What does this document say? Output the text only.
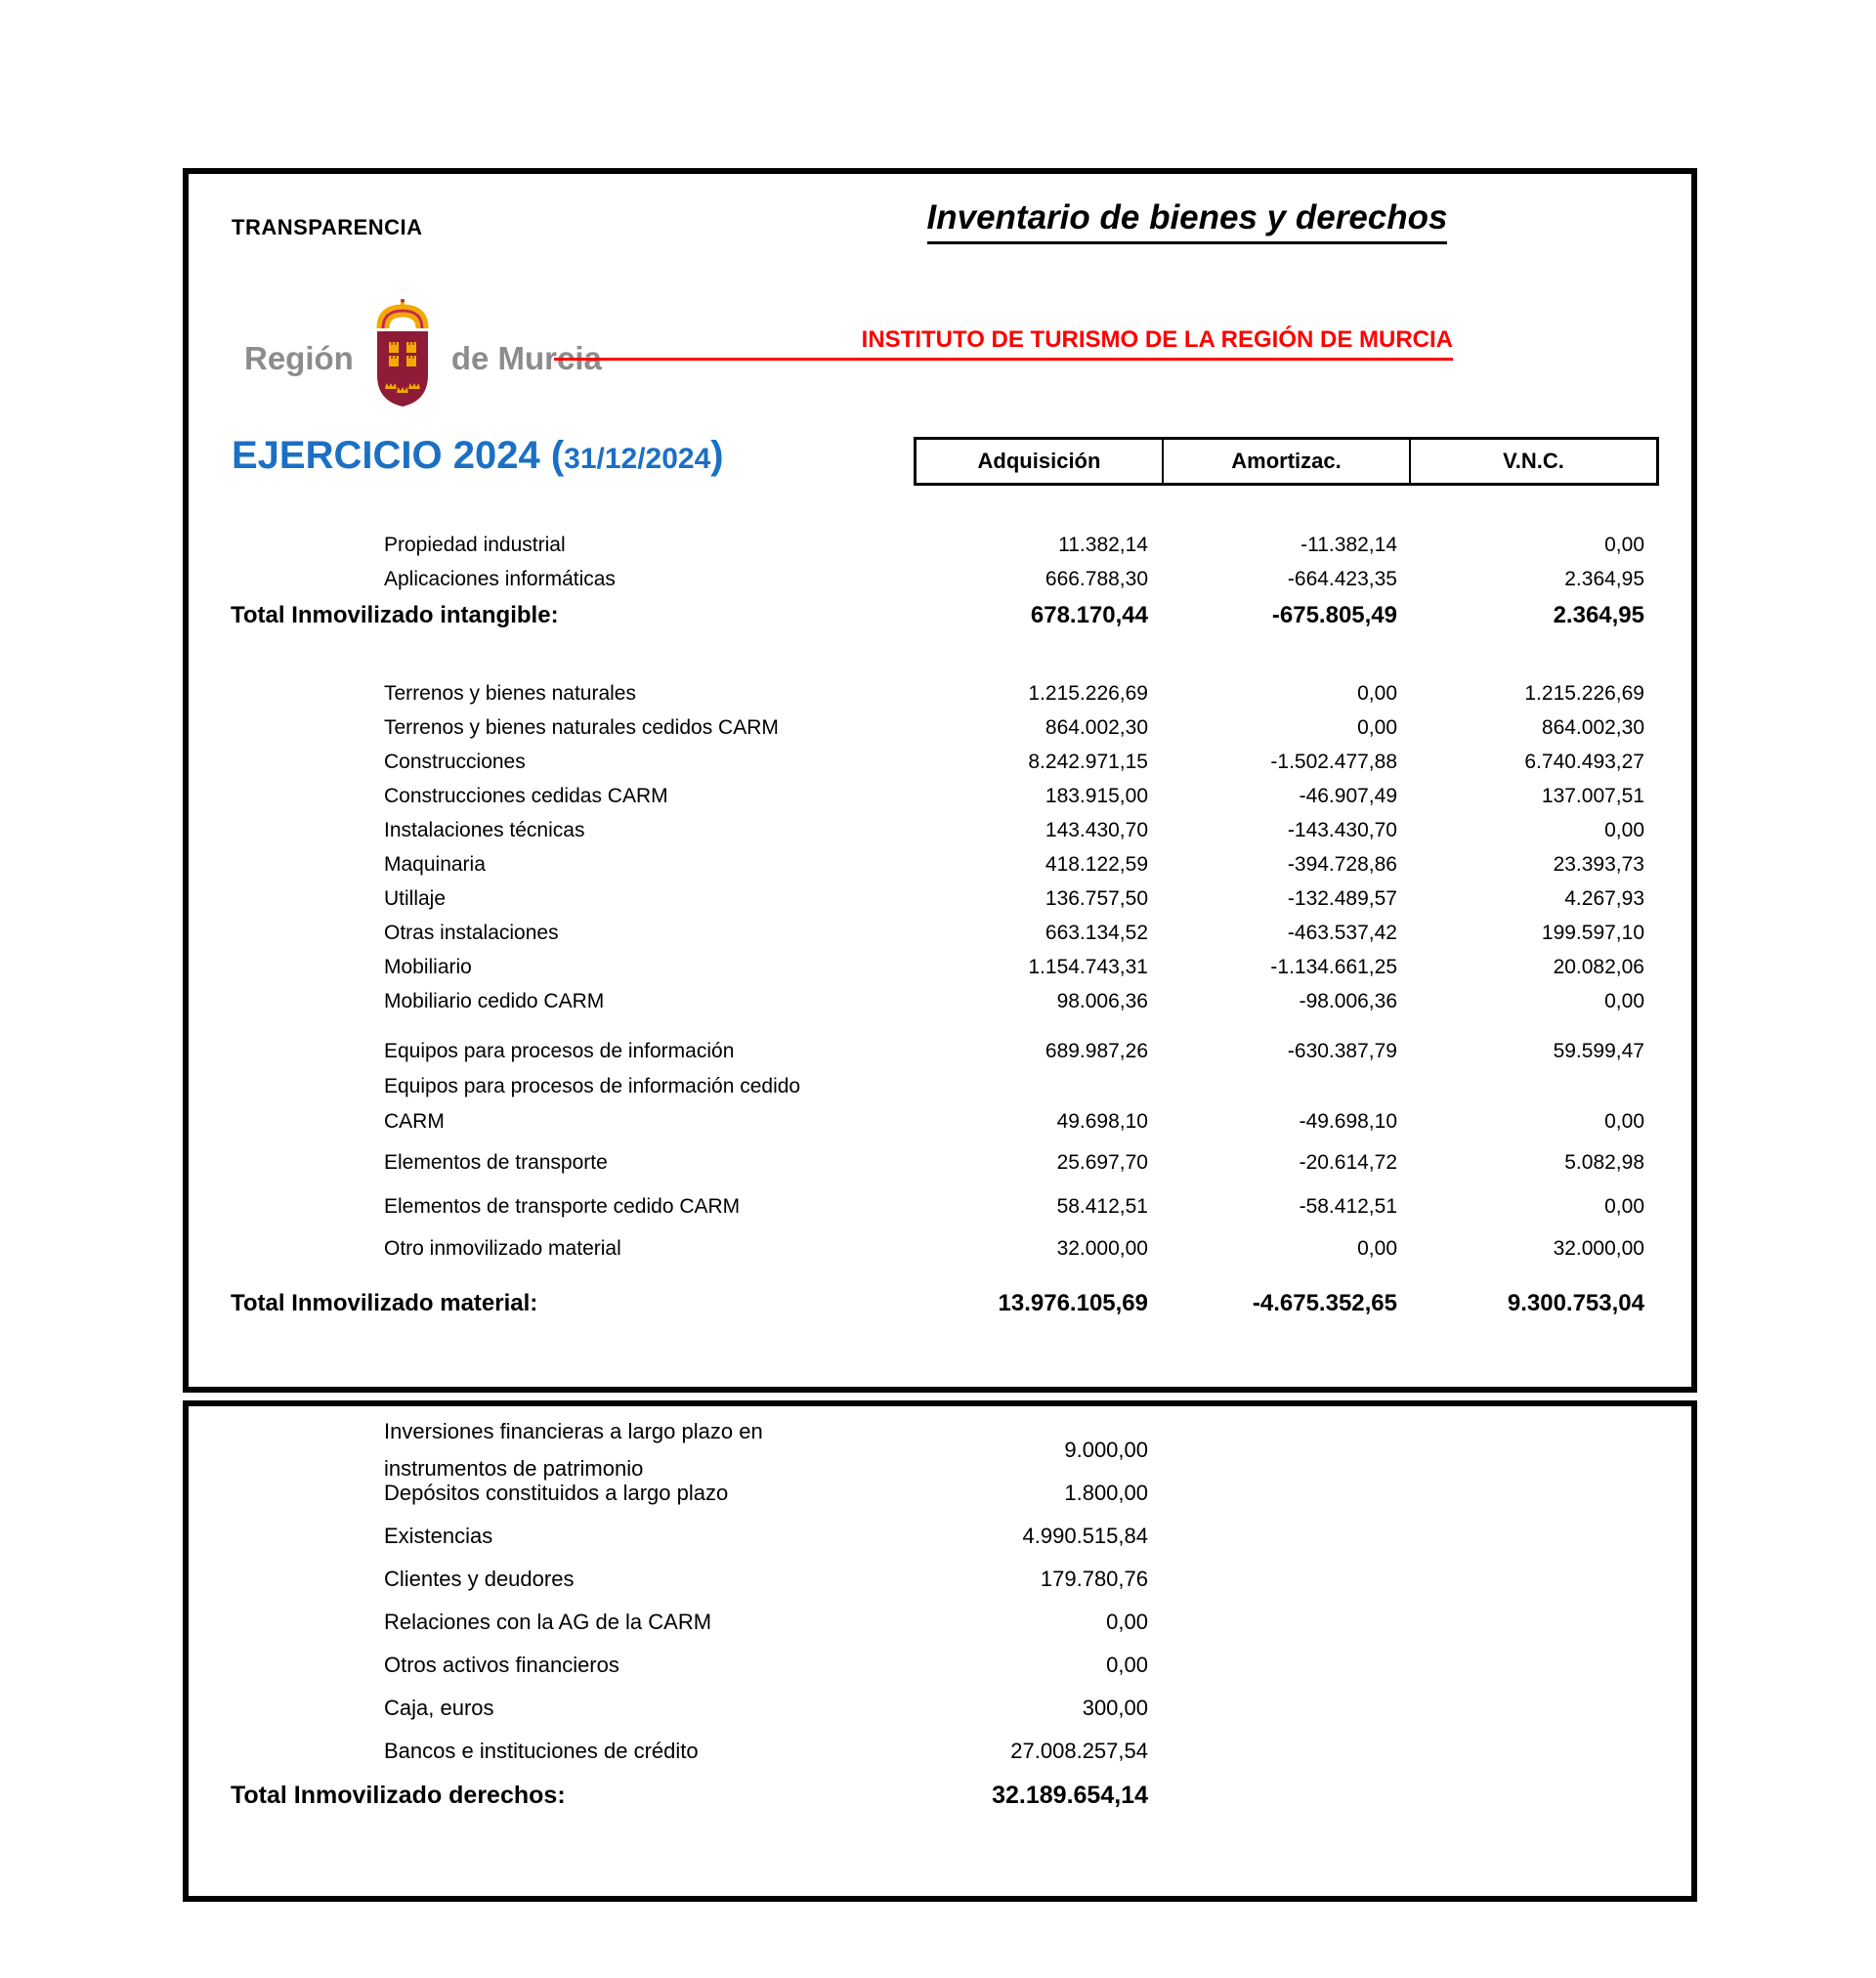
TRANSPARENCIA	Inventario de bienes y derechos
Región	de Murcia
INSTITUTO DE TURISMO DE LA REGIÓN DE MURCIA
EJERCICIO 2024 (31/12/2024)	Adquisición	Amortizac.	V.N.C.
Propiedad industrial	11.382,14	-11.382,14	0,00
Aplicaciones informáticas	666.788,30	-664.423,35	2.364,95
Total Inmovilizado intangible:	678.170,44	-675.805,49	2.364,95
Terrenos y bienes naturales	1.215.226,69	0,00	1.215.226,69
Terrenos y bienes naturales cedidos CARM	864.002,30	0,00	864.002,30
Construcciones	8.242.971,15	-1.502.477,88	6.740.493,27
Construcciones cedidas CARM	183.915,00	-46.907,49	137.007,51
Instalaciones técnicas	143.430,70	-143.430,70	0,00
Maquinaria	418.122,59	-394.728,86	23.393,73
Utillaje	136.757,50	-132.489,57	4.267,93
Otras instalaciones	663.134,52	-463.537,42	199.597,10
Mobiliario	1.154.743,31	-1.134.661,25	20.082,06
Mobiliario cedido CARM	98.006,36	-98.006,36	0,00
Equipos para procesos de información	689.987,26	-630.387,79	59.599,47
Equipos para procesos de información cedido
CARM	49.698,10	-49.698,10	0,00
Elementos de transporte	25.697,70	-20.614,72	5.082,98
Elementos de transporte cedido CARM	58.412,51	-58.412,51	0,00
Otro inmovilizado material	32.000,00	0,00	32.000,00
Total Inmovilizado material:	13.976.105,69	-4.675.352,65	9.300.753,04
Inversiones financieras a largo plazo en
instrumentos de patrimonio
9.000,00
Depósitos constituidos a largo plazo	1.800,00
Existencias	4.990.515,84
Clientes y deudores	179.780,76
Relaciones con la AG de la CARM	0,00
Otros activos financieros	0,00
Caja, euros	300,00
Bancos e instituciones de crédito	27.008.257,54
Total Inmovilizado derechos:	32.189.654,14
